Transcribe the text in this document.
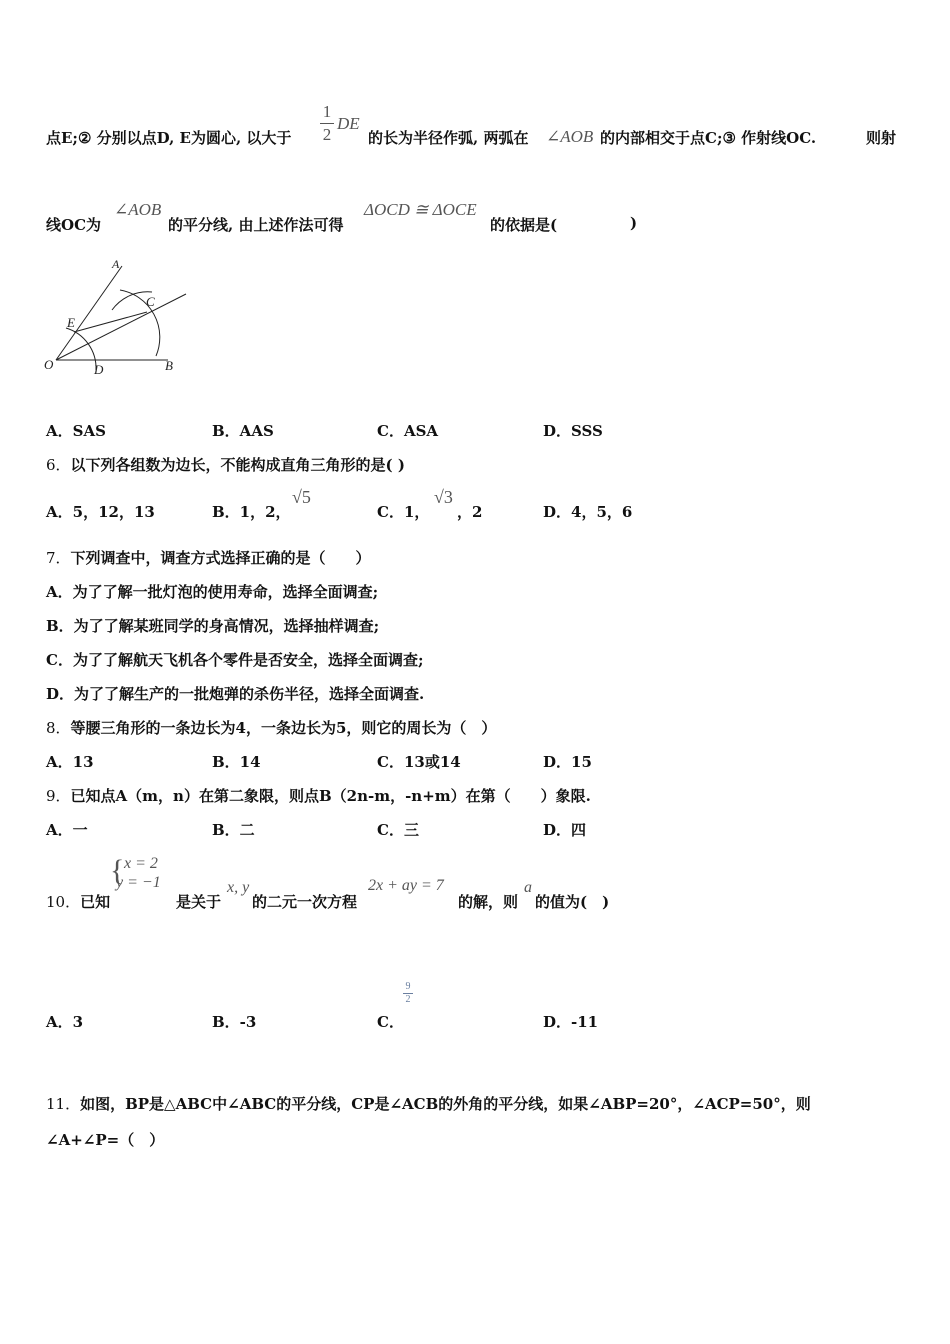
点E;② 分别以点D, E为圆心, 以大于
1
2
DE
的长为半径作弧, 两弧在 ∠AOB 的内部相交于点C;③ 作射线OC.	则射
线OC为
∠AOB
的平分线, 由上述作法可得
ΔOCD ≅ ΔOCE
的依据是(	)
A
C
E
O	D	B
A．SAS	B．AAS	C．ASA	D．SSS
6．以下列各组数为边长，不能构成直角三角形的是( )
A．5，12，13	B．1，2，
√5
C．1，
√3
，2	D．4，5，6
7．下列调查中，调查方式选择正确的是（　　）
A．为了了解一批灯泡的使用寿命，选择全面调查;
B．为了了解某班同学的身高情况，选择抽样调查;
C．为了了解航天飞机各个零件是否安全，选择全面调查;
D．为了了解生产的一批炮弹的杀伤半径，选择全面调查.
8．等腰三角形的一条边长为4，一条边长为5，则它的周长为（　）
A．13	B．14	C．13或14	D．15
9．已知点A（m，n）在第二象限，则点B（2n-m，-n+m）在第（　　）象限.
A．一	B．二	C．三	D．四
10．已知
{ x = 2
y = −1
是关于
x, y
的二元一次方程
2x + ay = 7
的解，则
a
的值为(　)
A．3	B．-3	C．
9
2
D．-11
11．如图，BP是△ABC中∠ABC的平分线，CP是∠ACB的外角的平分线，如果∠ABP=20°，∠ACP=50°，则
∠A+∠P=（　）
